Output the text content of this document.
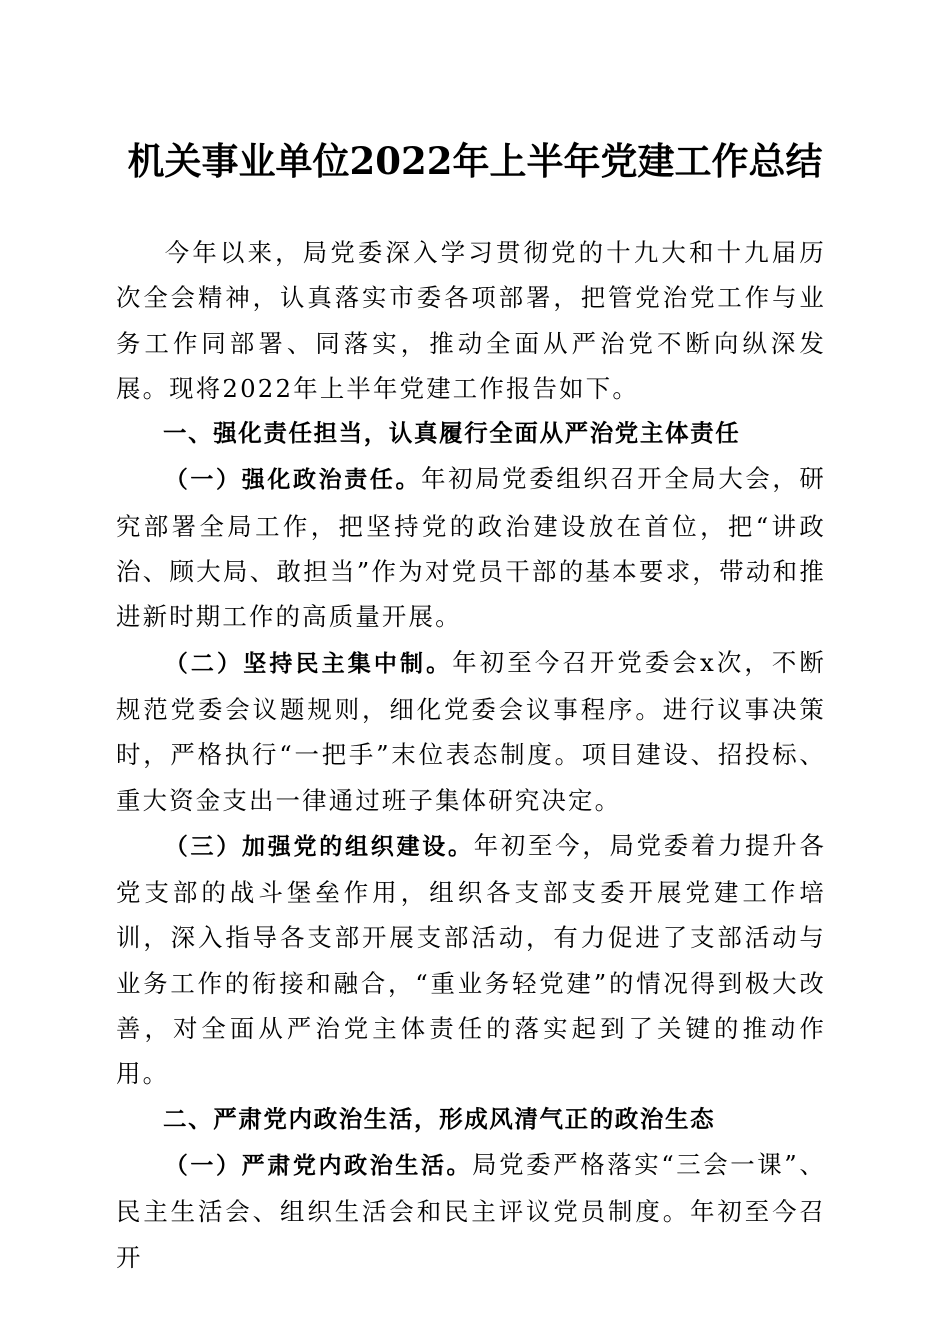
机关事业单位2022年上半年党建工作总结

今年以来，局党委深入学习贯彻党的十九大和十九届历次全会精神，认真落实市委各项部署，把管党治党工作与业务工作同部署、同落实，推动全面从严治党不断向纵深发展。现将2022年上半年党建工作报告如下。

一、强化责任担当，认真履行全面从严治党主体责任

（一）强化政治责任。年初局党委组织召开全局大会，研究部署全局工作，把坚持党的政治建设放在首位，把“讲政治、顾大局、敢担当”作为对党员干部的基本要求，带动和推进新时期工作的高质量开展。

（二）坚持民主集中制。年初至今召开党委会x次，不断规范党委会议题规则，细化党委会议事程序。进行议事决策时，严格执行“一把手”末位表态制度。项目建设、招投标、重大资金支出一律通过班子集体研究决定。

（三）加强党的组织建设。年初至今，局党委着力提升各党支部的战斗堡垒作用，组织各支部支委开展党建工作培训，深入指导各支部开展支部活动，有力促进了支部活动与业务工作的衔接和融合，“重业务轻党建”的情况得到极大改善，对全面从严治党主体责任的落实起到了关键的推动作用。

二、严肃党内政治生活，形成风清气正的政治生态

（一）严肃党内政治生活。局党委严格落实“三会一课”、民主生活会、组织生活会和民主评议党员制度。年初至今召开
